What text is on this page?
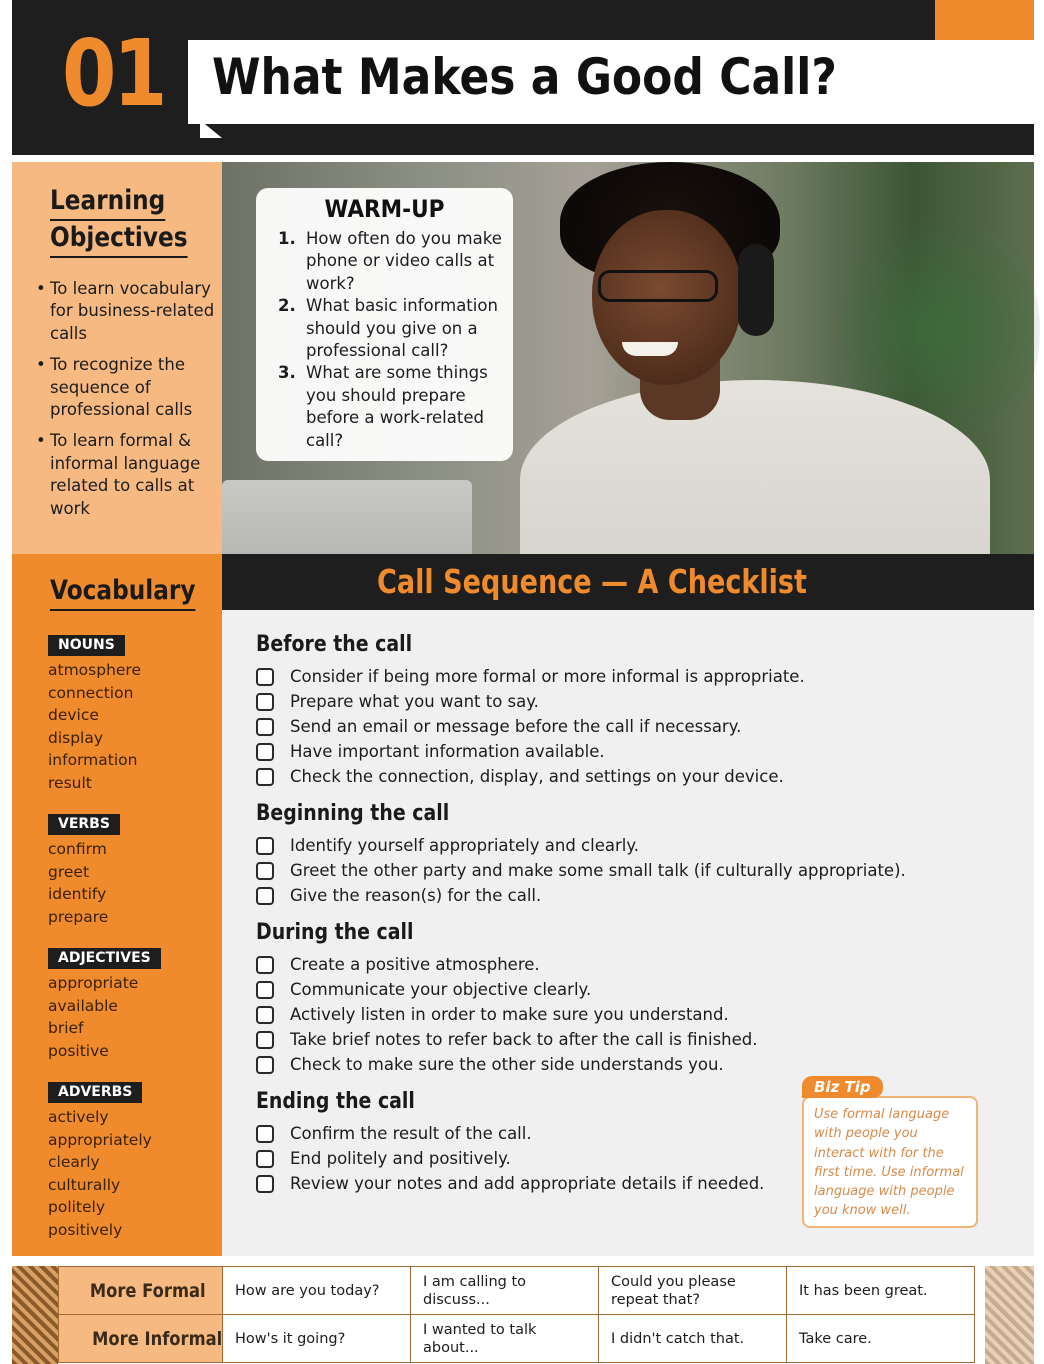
01 What Makes a Good Call?
Learning
Objectives
• To learn vocabulary for business-related calls
• To recognize the sequence of professional calls
• To learn formal & informal language related to calls at work
Vocabulary
NOUNS
atmosphere
connection
device
display
information
result
VERBS
confirm
greet
identify
prepare
ADJECTIVES
appropriate
available
brief
positive
ADVERBS
actively
appropriately
clearly
culturally
politely
positively
WARM-UP
1. How often do you make phone or video calls at work?
2. What basic information should you give on a professional call?
3. What are some things you should prepare before a work-related call?
Call Sequence — A Checklist
Before the call
Consider if being more formal or more informal is appropriate.
Prepare what you want to say.
Send an email or message before the call if necessary.
Have important information available.
Check the connection, display, and settings on your device.
Beginning the call
Identify yourself appropriately and clearly.
Greet the other party and make some small talk (if culturally appropriate).
Give the reason(s) for the call.
During the call
Create a positive atmosphere.
Communicate your objective clearly.
Actively listen in order to make sure you understand.
Take brief notes to refer back to after the call is finished.
Check to make sure the other side understands you.
Ending the call
Confirm the result of the call.
End politely and positively.
Review your notes and add appropriate details if needed.
Biz Tip
Use formal language with people you interact with for the first time. Use informal language with people you know well.
More Formal	How are you today?	I am calling to discuss...	Could you please repeat that?	It has been great.
More Informal	How's it going?	I wanted to talk about...	I didn't catch that.	Take care.
